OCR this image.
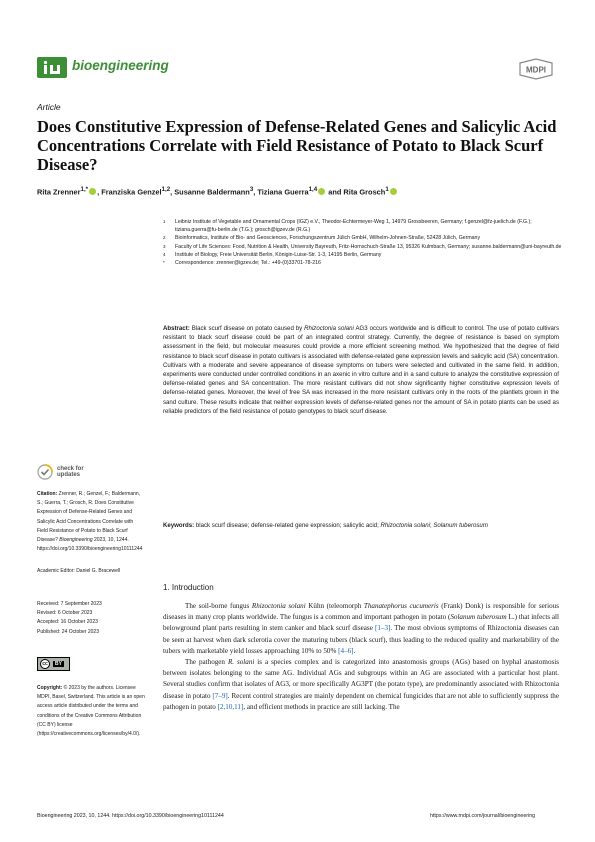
bioengineering	MDPI
Article
Does Constitutive Expression of Defense-Related Genes and Salicylic Acid Concentrations Correlate with Field Resistance of Potato to Black Scurf Disease?
Rita Zrenner$^{1,*}$ , Franziska Genzel$^{1,2}$, Susanne Baldermann$^3$, Tiziana Guerra$^{1,4}$ and Rita Grosch$^1$
1	Leibniz Institute of Vegetable and Ornamental Crops (IGZ) e.V., Theodor-Echtermeyer-Weg 1, 14979 Grossbeeren, Germany; f.genzel@fz-juelich.de (F.G.); tiziana.guerra@fu-berlin.de (T.G.); grosch@igzev.de (R.G.)
2	Bioinformatics, Institute of Bio- and Geosciences, Forschungszentrum Jülich GmbH, Wilhelm-Johnen-Straße, 52428 Jülich, Germany
3	Faculty of Life Sciences: Food, Nutrition & Health, University Bayreuth, Fritz-Hornschuch-Straße 13, 95326 Kulmbach, Germany; susanne.baldermann@uni-bayreuth.de
4	Institute of Biology, Freie Universität Berlin, Königin-Luise-Str. 1-3, 14195 Berlin, Germany
*	Correspondence: zrenner@igzev.de; Tel.: +49-(0)33701-78-216
Abstract: Black scurf disease on potato caused by Rhizoctonia solani AG3 occurs worldwide and is difficult to control. The use of potato cultivars resistant to black scurf disease could be part of an integrated control strategy. Currently, the degree of resistance is based on symptom assessment in the field, but molecular measures could provide a more efficient screening method. We hypothesized that the degree of field resistance to black scurf disease in potato cultivars is associated with defense-related gene expression levels and salicylic acid (SA) concentration. Cultivars with a moderate and severe appearance of disease symptoms on tubers were selected and cultivated in the same field. In addition, experiments were conducted under controlled conditions in an axenic in vitro culture and in a sand culture to analyze the constitutive expression of defense-related genes and SA concentration. The more resistant cultivars did not show significantly higher constitutive expression levels of defense-related genes. Moreover, the level of free SA was increased in the more resistant cultivars only in the roots of the plantlets grown in the sand culture. These results indicate that neither expression levels of defense-related genes nor the amount of SA in potato plants can be used as reliable predictors of the field resistance of potato genotypes to black scurf disease.
Keywords: black scurf disease; defense-related gene expression; salicylic acid; Rhizoctonia solani; Solanum tuberosum
1. Introduction

The soil-borne fungus Rhizoctonia solani Kühn (teleomorph Thanatephorus cucumeris (Frank) Donk) is responsible for serious diseases in many crop plants worldwide. The fungus is a common and important pathogen in potato (Solanum tuberosum L.) that infects all belowground plant parts resulting in stem canker and black scurf disease [1–3]. The most obvious symptoms of Rhizoctonia diseases can be seen at harvest when dark sclerotia cover the maturing tubers (black scurf), thus leading to the reduced quality and marketability of the tubers with marketable yield losses approaching 10% to 50% [4–6].

The pathogen R. solani is a species complex and is categorized into anastomosis groups (AGs) based on hyphal anastomosis between isolates belonging to the same AG. Individual AGs and subgroups within an AG are associated with a particular host plant. Several studies confirm that isolates of AG3, or more specifically AG3PT (the potato type), are predominantly associated with Rhizoctonia disease in potato [7–9]. Recent control strategies are mainly dependent on chemical fungicides that are not able to sufficiently suppress the pathogen in potato [2,10,11], and efficient methods in practice are still lacking. The

check for
updates
Citation: Zrenner, R.; Genzel, F.; Baldermann, S.; Guerra, T.; Grosch, R. Does Constitutive Expression of Defense-Related Genes and Salicylic Acid Concentrations Correlate with Field Resistance of Potato to Black Scurf Disease? Bioengineering 2023, 10, 1244. https://doi.org/10.3390/bioengineering10111244
Academic Editor: Daniel G. Bracewell
Received: 7 September 2023
Revised: 6 October 2023
Accepted: 16 October 2023
Published: 24 October 2023
cc	BY
Copyright: © 2023 by the authors. Licensee MDPI, Basel, Switzerland. This article is an open access article distributed under the terms and conditions of the Creative Commons Attribution (CC BY) license (https://creativecommons.org/licenses/by/4.0/).
Bioengineering 2023, 10, 1244. https://doi.org/10.3390/bioengineering10111244	https://www.mdpi.com/journal/bioengineering
